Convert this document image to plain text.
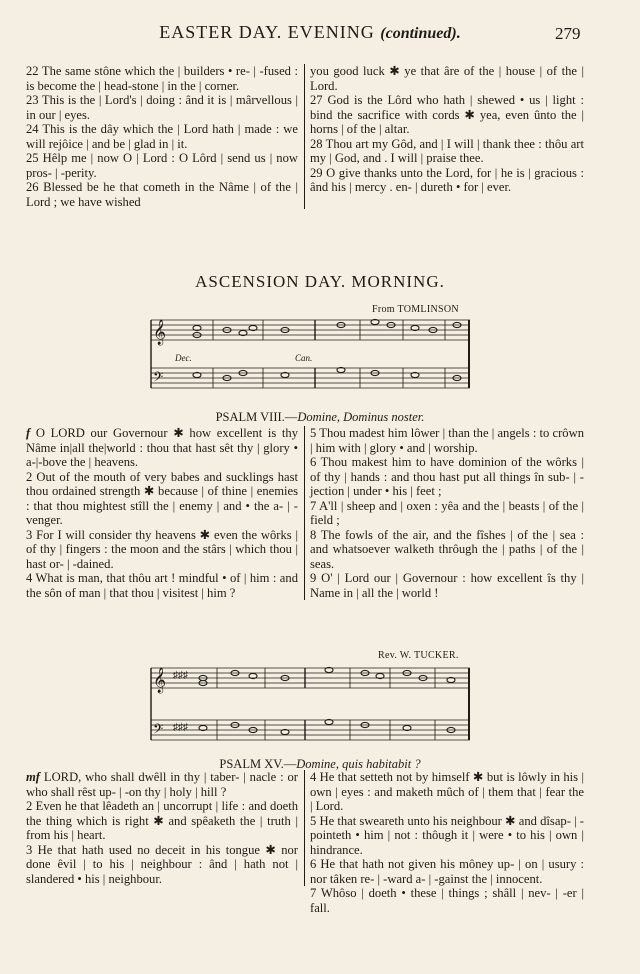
EASTER DAY. EVENING (continued).	279

22 The same stône which the | builders • re- | -fused : is become the | head-stone | in the | corner.

23 This is the | Lord's | doing : ând it is | mârvellous | in our | eyes.

24 This is the dây which the | Lord hath | made : we will rejôice | and be | glad in | it.

25 Hêlp me | now O | Lord : O Lôrd | send us | now pros- | -perity.

26 Blessed be he that cometh in the Nâme | of the | Lord ; we have wished

you good luck ✱ ye that âre of the | house | of the | Lord.

27 God is the Lôrd who hath | shewed • us | light : bind the sacrifice with cords ✱ yea, even ûnto the | horns | of the | altar.

28 Thou art my Gôd, and | I will | thank thee : thôu art my | God, and . I will | praise thee.

29 O give thanks unto the Lord, for | he is | gracious : ând his | mercy . en- | dureth • for | ever.

ASCENSION DAY. MORNING.
From TOMLINSON
𝄞
𝄢
Dec.	Can.
PSALM VIII.—Domine, Dominus noster.

f O LORD our Governour ✱ how excellent is thy Nâme in|all the|world : thou that hast sêt thy | glory • a-|-bove the | heavens.

2 Out of the mouth of very babes and sucklings hast thou ordained strength ✱ because | of thine | enemies : that thou mightest stîll the | enemy | and • the a- | -venger.

3 For I will consider thy heavens ✱ even the wôrks | of thy | fingers : the moon and the stârs | which thou | hast or- | -dained.

4 What is man, that thôu art ! mindful • of | him : and the sôn of man | that thou | visitest | him ?

5 Thou madest him lôwer | than the | angels : to crôwn | him with | glory • and | worship.

6 Thou makest him to have dominion of the wôrks | of thy | hands : and thou hast put all things în sub- | -jection | under • his | feet ;

7 A'll | sheep and | oxen : yêa and the | beasts | of the | field ;

8 The fowls of the air, and the fîshes | of the | sea : and whatsoever walketh thrôugh the | paths | of the | seas.

9 O' | Lord our | Governour : how excellent îs thy | Name in | all the | world !

Rev. W. TUCKER.
𝄞
𝄢
♯♯♯
♯♯♯
PSALM XV.—Domine, quis habitabit ?

mf LORD, who shall dwêll in thy | taber- | nacle : or who shall rêst up- | -on thy | holy | hill ?

2 Even he that lêadeth an | uncorrupt | life : and doeth the thing which is right ✱ and spêaketh the | truth | from his | heart.

3 He that hath used no deceit in his tongue ✱ nor done êvil | to his | neighbour : ând | hath not | slandered • his | neighbour.

4 He that setteth not by himself ✱ but is lôwly in his | own | eyes : and maketh mûch of | them that | fear the | Lord.

5 He that sweareth unto his neighbour ✱ and dîsap- | -pointeth • him | not : thôugh it | were • to his | own | hindrance.

6 He that hath not given his môney up- | on | usury : nor tâken re- | -ward a- | -gainst the | innocent.

7 Whôso | doeth • these | things ; shâll | nev- | -er | fall.
